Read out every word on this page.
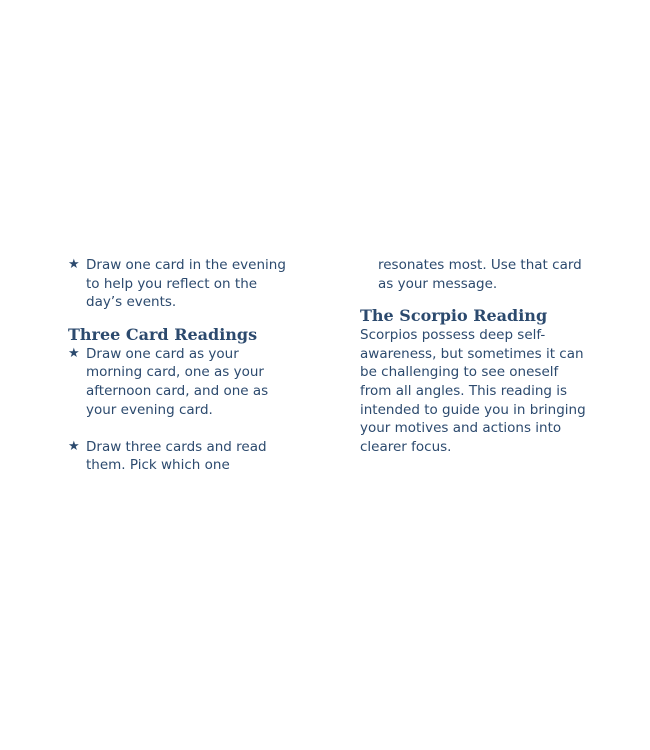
★ Draw one card in the evening
to help you reflect on the
day’s events.
Three Card Readings
★ Draw one card as your
morning card, one as your
afternoon card, and one as
your evening card.
★ Draw three cards and read
them. Pick which one

resonates most. Use that card
as your message.

The Scorpio Reading

Scorpios possess deep self-
awareness, but sometimes it can
be challenging to see oneself
from all angles. This reading is
intended to guide you in bringing
your motives and actions into
clearer focus.
